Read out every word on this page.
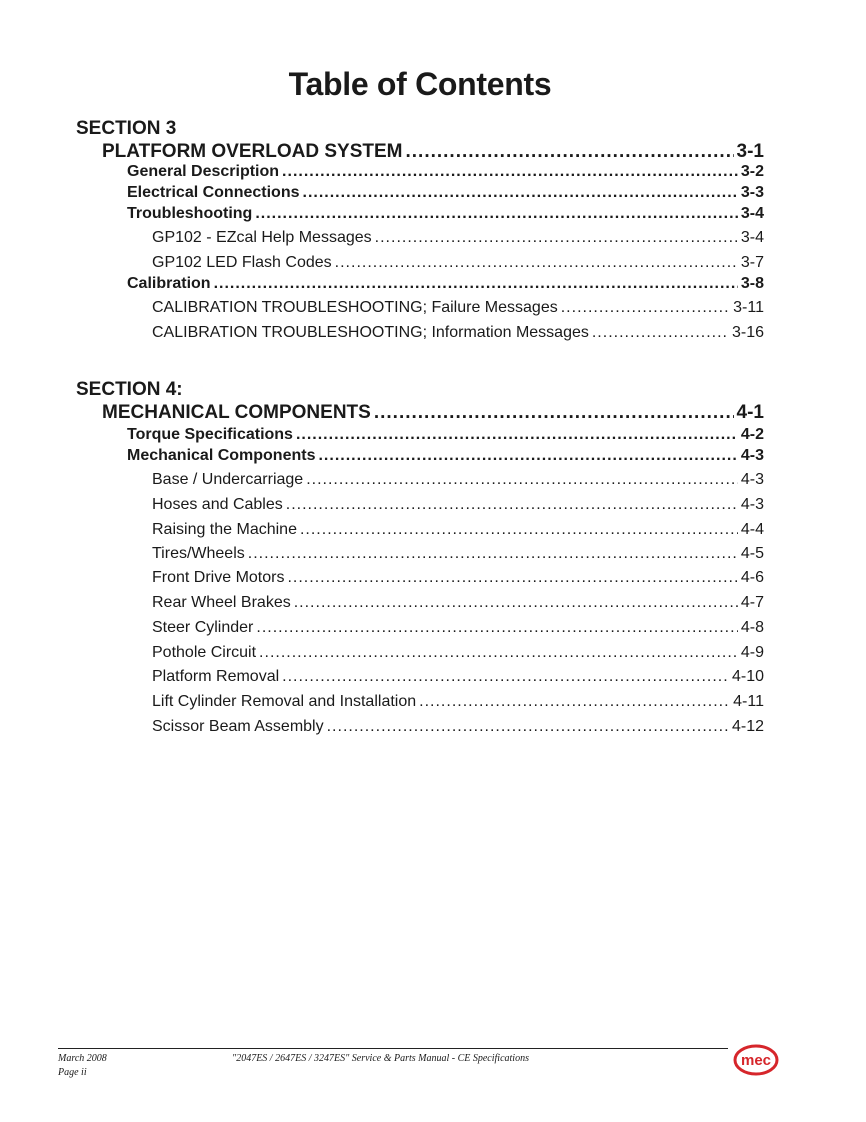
Table of Contents
SECTION 3
PLATFORM OVERLOAD SYSTEM .....	3-1
General Description .....	3-2
Electrical Connections .....	3-3
Troubleshooting .....	3-4
GP102 - EZcal Help Messages .....	3-4
GP102 LED Flash Codes .....	3-7
Calibration .....	3-8
CALIBRATION TROUBLESHOOTING; Failure Messages .....	3-11
CALIBRATION TROUBLESHOOTING; Information Messages .....	3-16
SECTION 4:
MECHANICAL COMPONENTS .....	4-1
Torque Specifications .....	4-2
Mechanical Components .....	4-3
Base / Undercarriage .....	4-3
Hoses and Cables .....	4-3
Raising the Machine .....	4-4
Tires/Wheels .....	4-5
Front Drive Motors .....	4-6
Rear Wheel Brakes .....	4-7
Steer Cylinder .....	4-8
Pothole Circuit .....	4-9
Platform Removal .....	4-10
Lift Cylinder Removal and Installation .....	4-11
Scissor Beam Assembly .....	4-12
March 2008
Page ii
"2047ES / 2647ES / 3247ES" Service & Parts Manual - CE Specifications	mec
